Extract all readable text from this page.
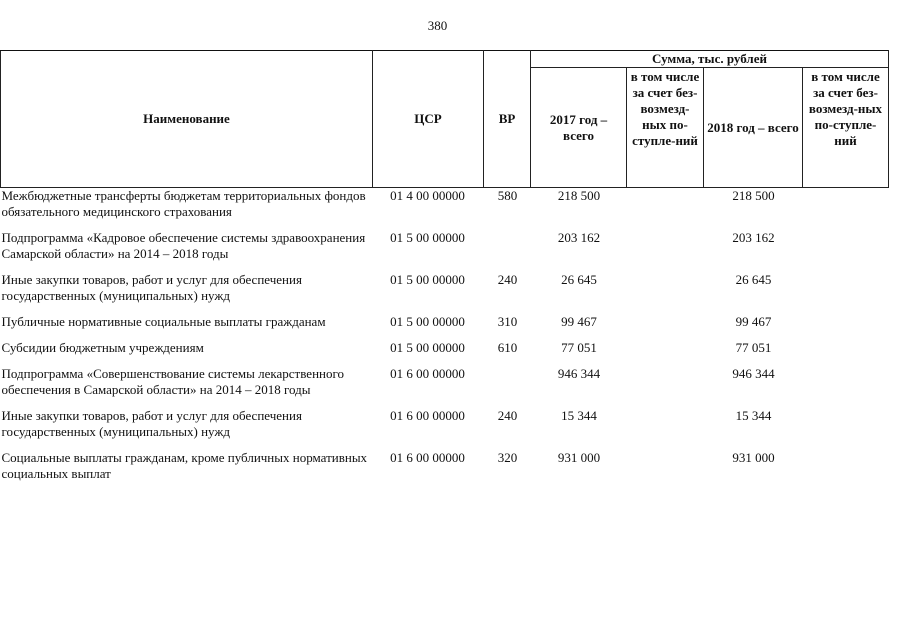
380
Наименование	ЦСР	ВР	Сумма, тыс. рублей			
			2017 год – всего	в том числе за счет без-возмезд-ных по-ступле-ний	2018 год – всего	в том числе за счет без-возмезд-ных по-ступле-ний
Межбюджетные трансферты бюджетам территориальных фондов обязательного медицинского страхования	01 4 00 00000	580	218 500		218 500	
Подпрограмма «Кадровое обеспечение системы здравоохранения Самарской области» на 2014 – 2018 годы	01 5 00 00000		203 162		203 162	
Иные закупки товаров, работ и услуг для обеспечения государственных (муниципальных) нужд	01 5 00 00000	240	26 645		26 645	
Публичные нормативные социальные выплаты гражданам	01 5 00 00000	310	99 467		99 467	
Субсидии бюджетным учреждениям	01 5 00 00000	610	77 051		77 051	
Подпрограмма «Совершенствование системы лекарственного обеспечения в Самарской области» на 2014 – 2018 годы	01 6 00 00000		946 344		946 344	
Иные закупки товаров, работ и услуг для обеспечения государственных (муниципальных) нужд	01 6 00 00000	240	15 344		15 344	
Социальные выплаты гражданам, кроме публичных нормативных социальных выплат	01 6 00 00000	320	931 000		931 000	
